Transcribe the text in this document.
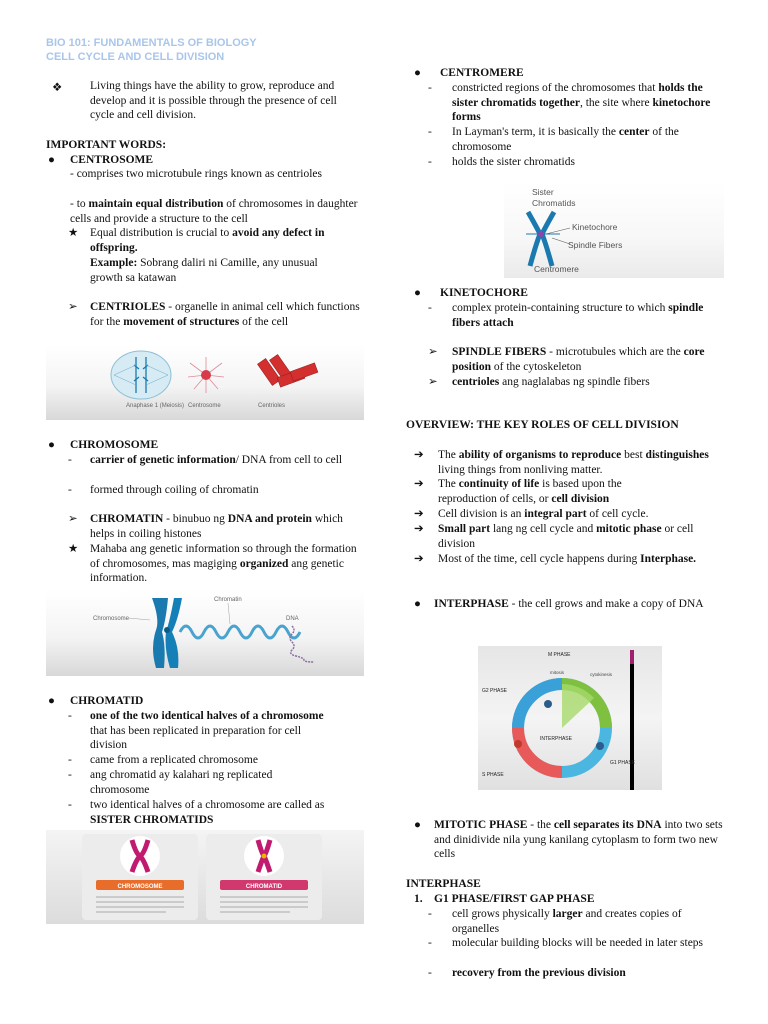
BIO 101: FUNDAMENTALS OF BIOLOGY
CELL CYCLE AND CELL DIVISION
❖ Living things have the ability to grow, reproduce and develop and it is possible through the presence of cell cycle and cell division.
IMPORTANT WORDS:
● CENTROSOME
- comprises two microtubule rings known as centrioles
- to maintain equal distribution of chromosomes in daughter cells and provide a structure to the cell
★ Equal distribution is crucial to avoid any defect in offspring.
Example: Sobrang daliri ni Camille, any unusual growth sa katawan
➢ CENTRIOLES - organelle in animal cell which functions for the movement of structures of the cell
Anaphase 1 (Meiosis) Centrosome	Centrioles
● CHROMOSOME
- carrier of genetic information/ DNA from cell to cell
- formed through coiling of chromatin
➢ CHROMATIN - binubuo ng DNA and protein which helps in coiling histones
★ Mahaba ang genetic information so through the formation of chromosomes, mas magiging organized ang genetic information.
Chromosome
Chromatin
DNA
● CHROMATID
- one of the two identical halves of a chromosome that has been replicated in preparation for cell division
- came from a replicated chromosome
- ang chromatid ay kalahari ng replicated chromosome
- two identical halves of a chromosome are called as SISTER CHROMATIDS
CHROMOSOME	CHROMATID
● CENTROMERE
- constricted regions of the chromosomes that holds the sister chromatids together, the site where kinetochore forms
- In Layman's term, it is basically the center of the chromosome
- holds the sister chromatids
Sister
Chromatids
Kinetochore
Spindle Fibers
Centromere
● KINETOCHORE
- complex protein-containing structure to which spindle fibers attach
➢ SPINDLE FIBERS - microtubules which are the core position of the cytoskeleton
➢ centrioles ang naglalabas ng spindle fibers
OVERVIEW: THE KEY ROLES OF CELL DIVISION
➔ The ability of organisms to reproduce best distinguishes living things from nonliving matter.
➔ The continuity of life is based upon the reproduction of cells, or cell division
➔ Cell division is an integral part of cell cycle.
➔ Small part lang ng cell cycle and mitotic phase or cell division
➔ Most of the time, cell cycle happens during Interphase.
● INTERPHASE - the cell grows and make a copy of DNA
M PHASE
G2 PHASE
INTERPHASE
S PHASE
G1 PHASE
mitosis	cytokinesis
● MITOTIC PHASE - the cell separates its DNA into two sets and dinidivide nila yung kanilang cytoplasm to form two new cells
INTERPHASE
1. G1 PHASE/FIRST GAP PHASE
- cell grows physically larger and creates copies of organelles
- molecular building blocks will be needed in later steps
- recovery from the previous division
